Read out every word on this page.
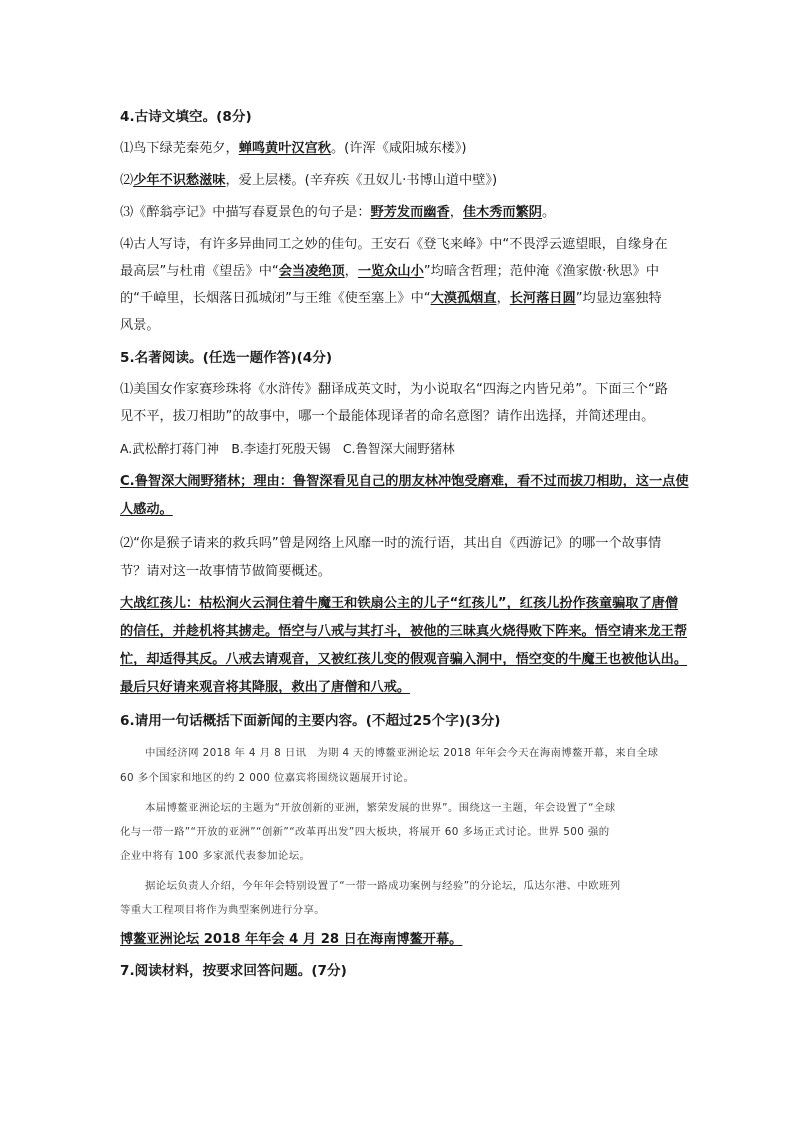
4.古诗文填空。(8分)
⑴鸟下绿芜秦苑夕，蝉鸣黄叶汉宫秋。(许浑《咸阳城东楼》)
⑵少年不识愁滋味，爱上层楼。(辛弃疾《丑奴儿·书博山道中壁》)
⑶《醉翁亭记》中描写春夏景色的句子是：野芳发而幽香，佳木秀而繁阴。
⑷古人写诗，有许多异曲同工之妙的佳句。王安石《登飞来峰》中“不畏浮云遮望眼，自缘身在
最高层”与杜甫《望岳》中“会当凌绝顶，一览众山小”均暗含哲理；范仲淹《渔家傲·秋思》中
的“千嶂里，长烟落日孤城闭”与王维《使至塞上》中“大漠孤烟直，长河落日圆”均显边塞独特
风景。
5.名著阅读。(任选一题作答)(4分)
⑴美国女作家赛珍珠将《水浒传》翻译成英文时，为小说取名“四海之内皆兄弟”。下面三个“路
见不平，拔刀相助”的故事中，哪一个最能体现译者的命名意图？请作出选择，并简述理由。
A.武松醉打蒋门神　B.李逵打死殷天锡　C.鲁智深大闹野猪林
C.鲁智深大闹野猪林；理由：鲁智深看见自己的朋友林冲饱受磨难，看不过而拔刀相助，这一点使
人感动。
⑵“你是猴子请来的救兵吗”曾是网络上风靡一时的流行语，其出自《西游记》的哪一个故事情
节？请对这一故事情节做简要概述。
大战红孩儿：枯松涧火云洞住着牛魔王和铁扇公主的儿子“红孩儿”，红孩儿扮作孩童骗取了唐僧
的信任，并趁机将其掳走。悟空与八戒与其打斗，被他的三昧真火烧得败下阵来。悟空请来龙王帮
忙，却适得其反。八戒去请观音，又被红孩儿变的假观音骗入洞中，悟空变的牛魔王也被他认出。
最后只好请来观音将其降服，救出了唐僧和八戒。
6.请用一句话概括下面新闻的主要内容。(不超过25个字)(3分)
中国经济网 2018 年 4 月 8 日讯　为期 4 天的博鳌亚洲论坛 2018 年年会今天在海南博鳌开幕，来自全球
60 多个国家和地区的约 2 000 位嘉宾将围绕议题展开讨论。
本届博鳌亚洲论坛的主题为“开放创新的亚洲，繁荣发展的世界”。围绕这一主题，年会设置了“全球
化与一带一路”“开放的亚洲”“创新”“改革再出发”四大板块，将展开 60 多场正式讨论。世界 500 强的
企业中将有 100 多家派代表参加论坛。
据论坛负责人介绍，今年年会特别设置了“一带一路成功案例与经验”的分论坛，瓜达尔港、中欧班列
等重大工程项目将作为典型案例进行分享。
博鳌亚洲论坛 2018 年年会 4 月 28 日在海南博鳌开幕。
7.阅读材料，按要求回答问题。(7分)
